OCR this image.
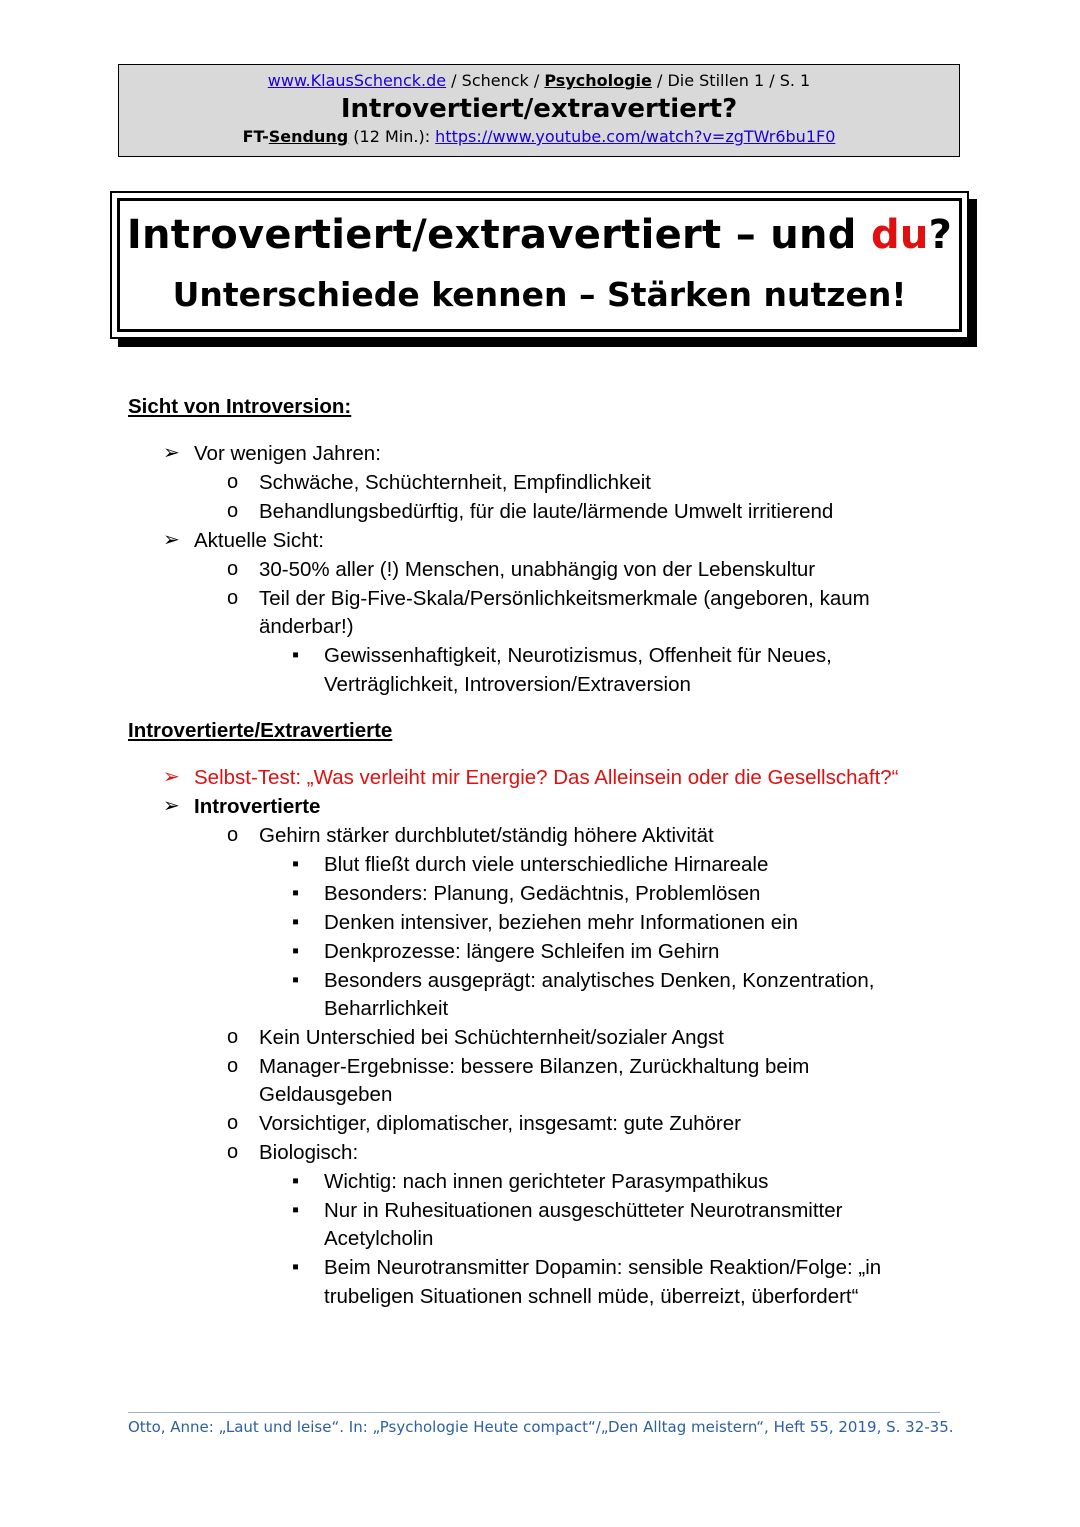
www.KlausSchenck.de / Schenck / Psychologie / Die Stillen 1 / S. 1
Introvertiert/extravertiert?
FT-Sendung (12 Min.): https://www.youtube.com/watch?v=zgTWr6bu1F0
Introvertiert/extravertiert – und du?
Unterschiede kennen – Stärken nutzen!
Sicht von Introversion:
➢ Vor wenigen Jahren:
o Schwäche, Schüchternheit, Empfindlichkeit
o Behandlungsbedürftig, für die laute/lärmende Umwelt irritierend
➢ Aktuelle Sicht:
o 30-50% aller (!) Menschen, unabhängig von der Lebenskultur
o Teil der Big-Five-Skala/Persönlichkeitsmerkmale (angeboren, kaum
änderbar!)
▪ Gewissenhaftigkeit, Neurotizismus, Offenheit für Neues,
Verträglichkeit, Introversion/Extraversion
Introvertierte/Extravertierte
➢ Selbst-Test: „Was verleiht mir Energie? Das Alleinsein oder die Gesellschaft?“
➢ Introvertierte
o Gehirn stärker durchblutet/ständig höhere Aktivität
▪ Blut fließt durch viele unterschiedliche Hirnareale
▪ Besonders: Planung, Gedächtnis, Problemlösen
▪ Denken intensiver, beziehen mehr Informationen ein
▪ Denkprozesse: längere Schleifen im Gehirn
▪ Besonders ausgeprägt: analytisches Denken, Konzentration,
Beharrlichkeit
o Kein Unterschied bei Schüchternheit/sozialer Angst
o Manager-Ergebnisse: bessere Bilanzen, Zurückhaltung beim
Geldausgeben
o Vorsichtiger, diplomatischer, insgesamt: gute Zuhörer
o Biologisch:
▪ Wichtig: nach innen gerichteter Parasympathikus
▪ Nur in Ruhesituationen ausgeschütteter Neurotransmitter
Acetylcholin
▪ Beim Neurotransmitter Dopamin: sensible Reaktion/Folge: „in
trubeligen Situationen schnell müde, überreizt, überfordert“
Otto, Anne: „Laut und leise“. In: „Psychologie Heute compact“/„Den Alltag meistern“, Heft 55, 2019, S. 32-35.
